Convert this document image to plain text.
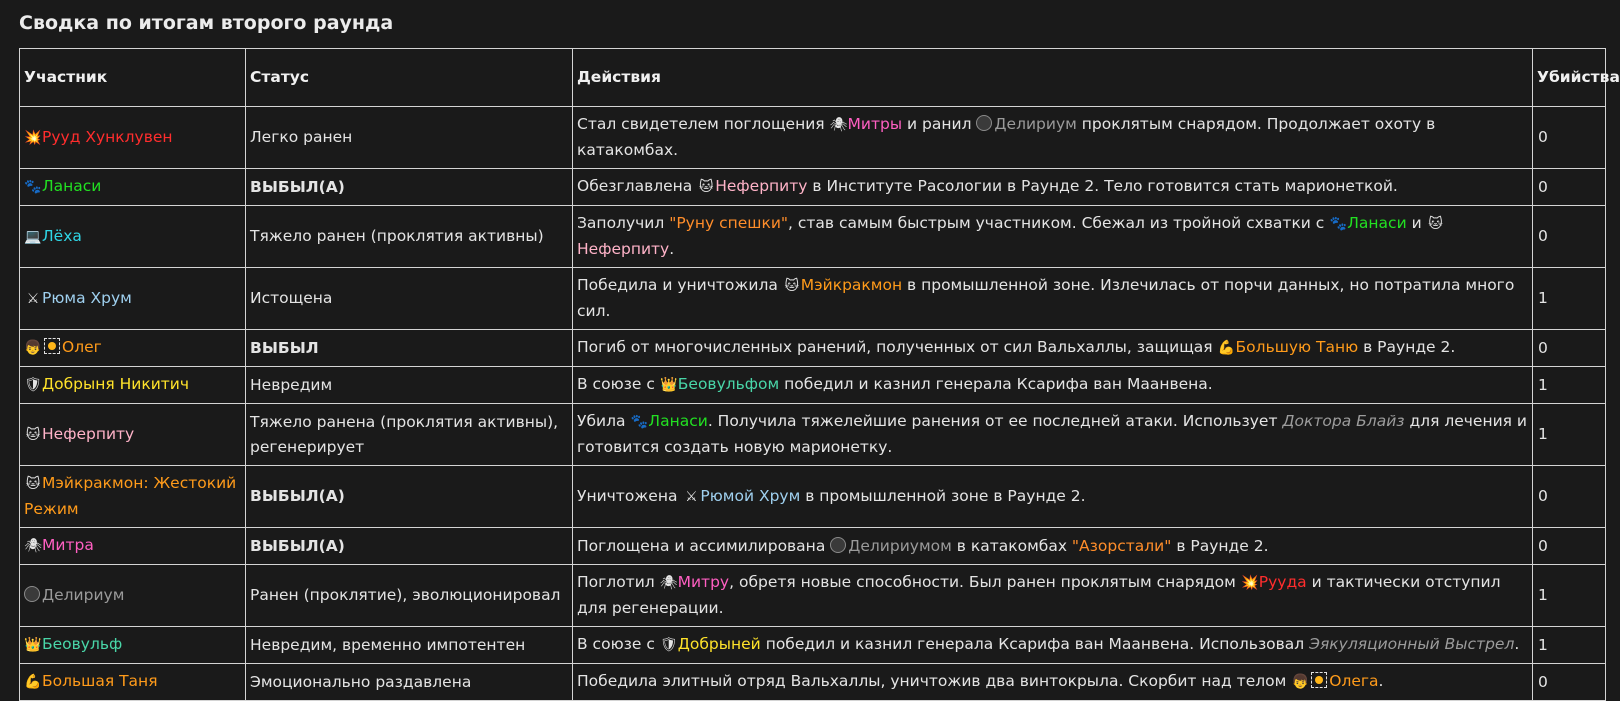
Сводка по итогам второго раунда
Участник	Статус	Действия	Убийства
💥Рууд Хунклувен	Легко ранен	Стал свидетелем поглощения 🕷Митры и ранил Делириум проклятым снарядом. Продолжает охоту в катакомбах.	0
🐾Ланаси	ВЫБЫЛ(А)	Обезглавлена 🐱 Неферпиту в Институте Расологии в Раунде 2. Тело готовится стать марионеткой.	0
💻Лёха	Тяжело ранен (проклятия активны)	Заполучил "Руну спешки", став самым быстрым участником. Сбежал из тройной схватки с 🐾Ланаси и 🐱Неферпиту.	0
⚔ Рюма Хрум	Истощена	Победила и уничтожила 🐱 Мэйкракмон в промышленной зоне. Излечилась от порчи данных, но потратила много сил.	1
👦 Олег	ВЫБЫЛ	Погиб от многочисленных ранений, полученных от сил Вальхаллы, защищая 💪Большую Таню в Раунде 2.	0
🛡Добрыня Никитич	Невредим	В союзе с 👑Беовульфом победил и казнил генерала Ксарифа ван Маанвена.	1
🐱 Неферпиту	Тяжело ранена (проклятия активны), регенерирует	Убила 🐾Ланаси. Получила тяжелейшие ранения от ее последней атаки. Использует Доктора Блайз для лечения и готовится создать новую марионетку.	1
🐱 Мэйкракмон: Жестокий Режим	ВЫБЫЛ(А)	Уничтожена ⚔ Рюмой Хрум в промышленной зоне в Раунде 2.	0
🕷Митра	ВЫБЫЛ(А)	Поглощена и ассимилирована Делириумом в катакомбах "Азорстали" в Раунде 2.	0
Делириум	Ранен (проклятие), эволюционировал	Поглотил 🕷Митру, обретя новые способности. Был ранен проклятым снарядом 💥Рууда и тактически отступил для регенерации.	1
👑Беовульф	Невредим, временно импотентен	В союзе с 🛡Добрыней победил и казнил генерала Ксарифа ван Маанвена. Использовал Эякуляционный Выстрел.	1
💪Большая Таня	Эмоционально раздавлена	Победила элитный отряд Вальхаллы, уничтожив два винтокрыла. Скорбит над телом 👦 Олега.	0
